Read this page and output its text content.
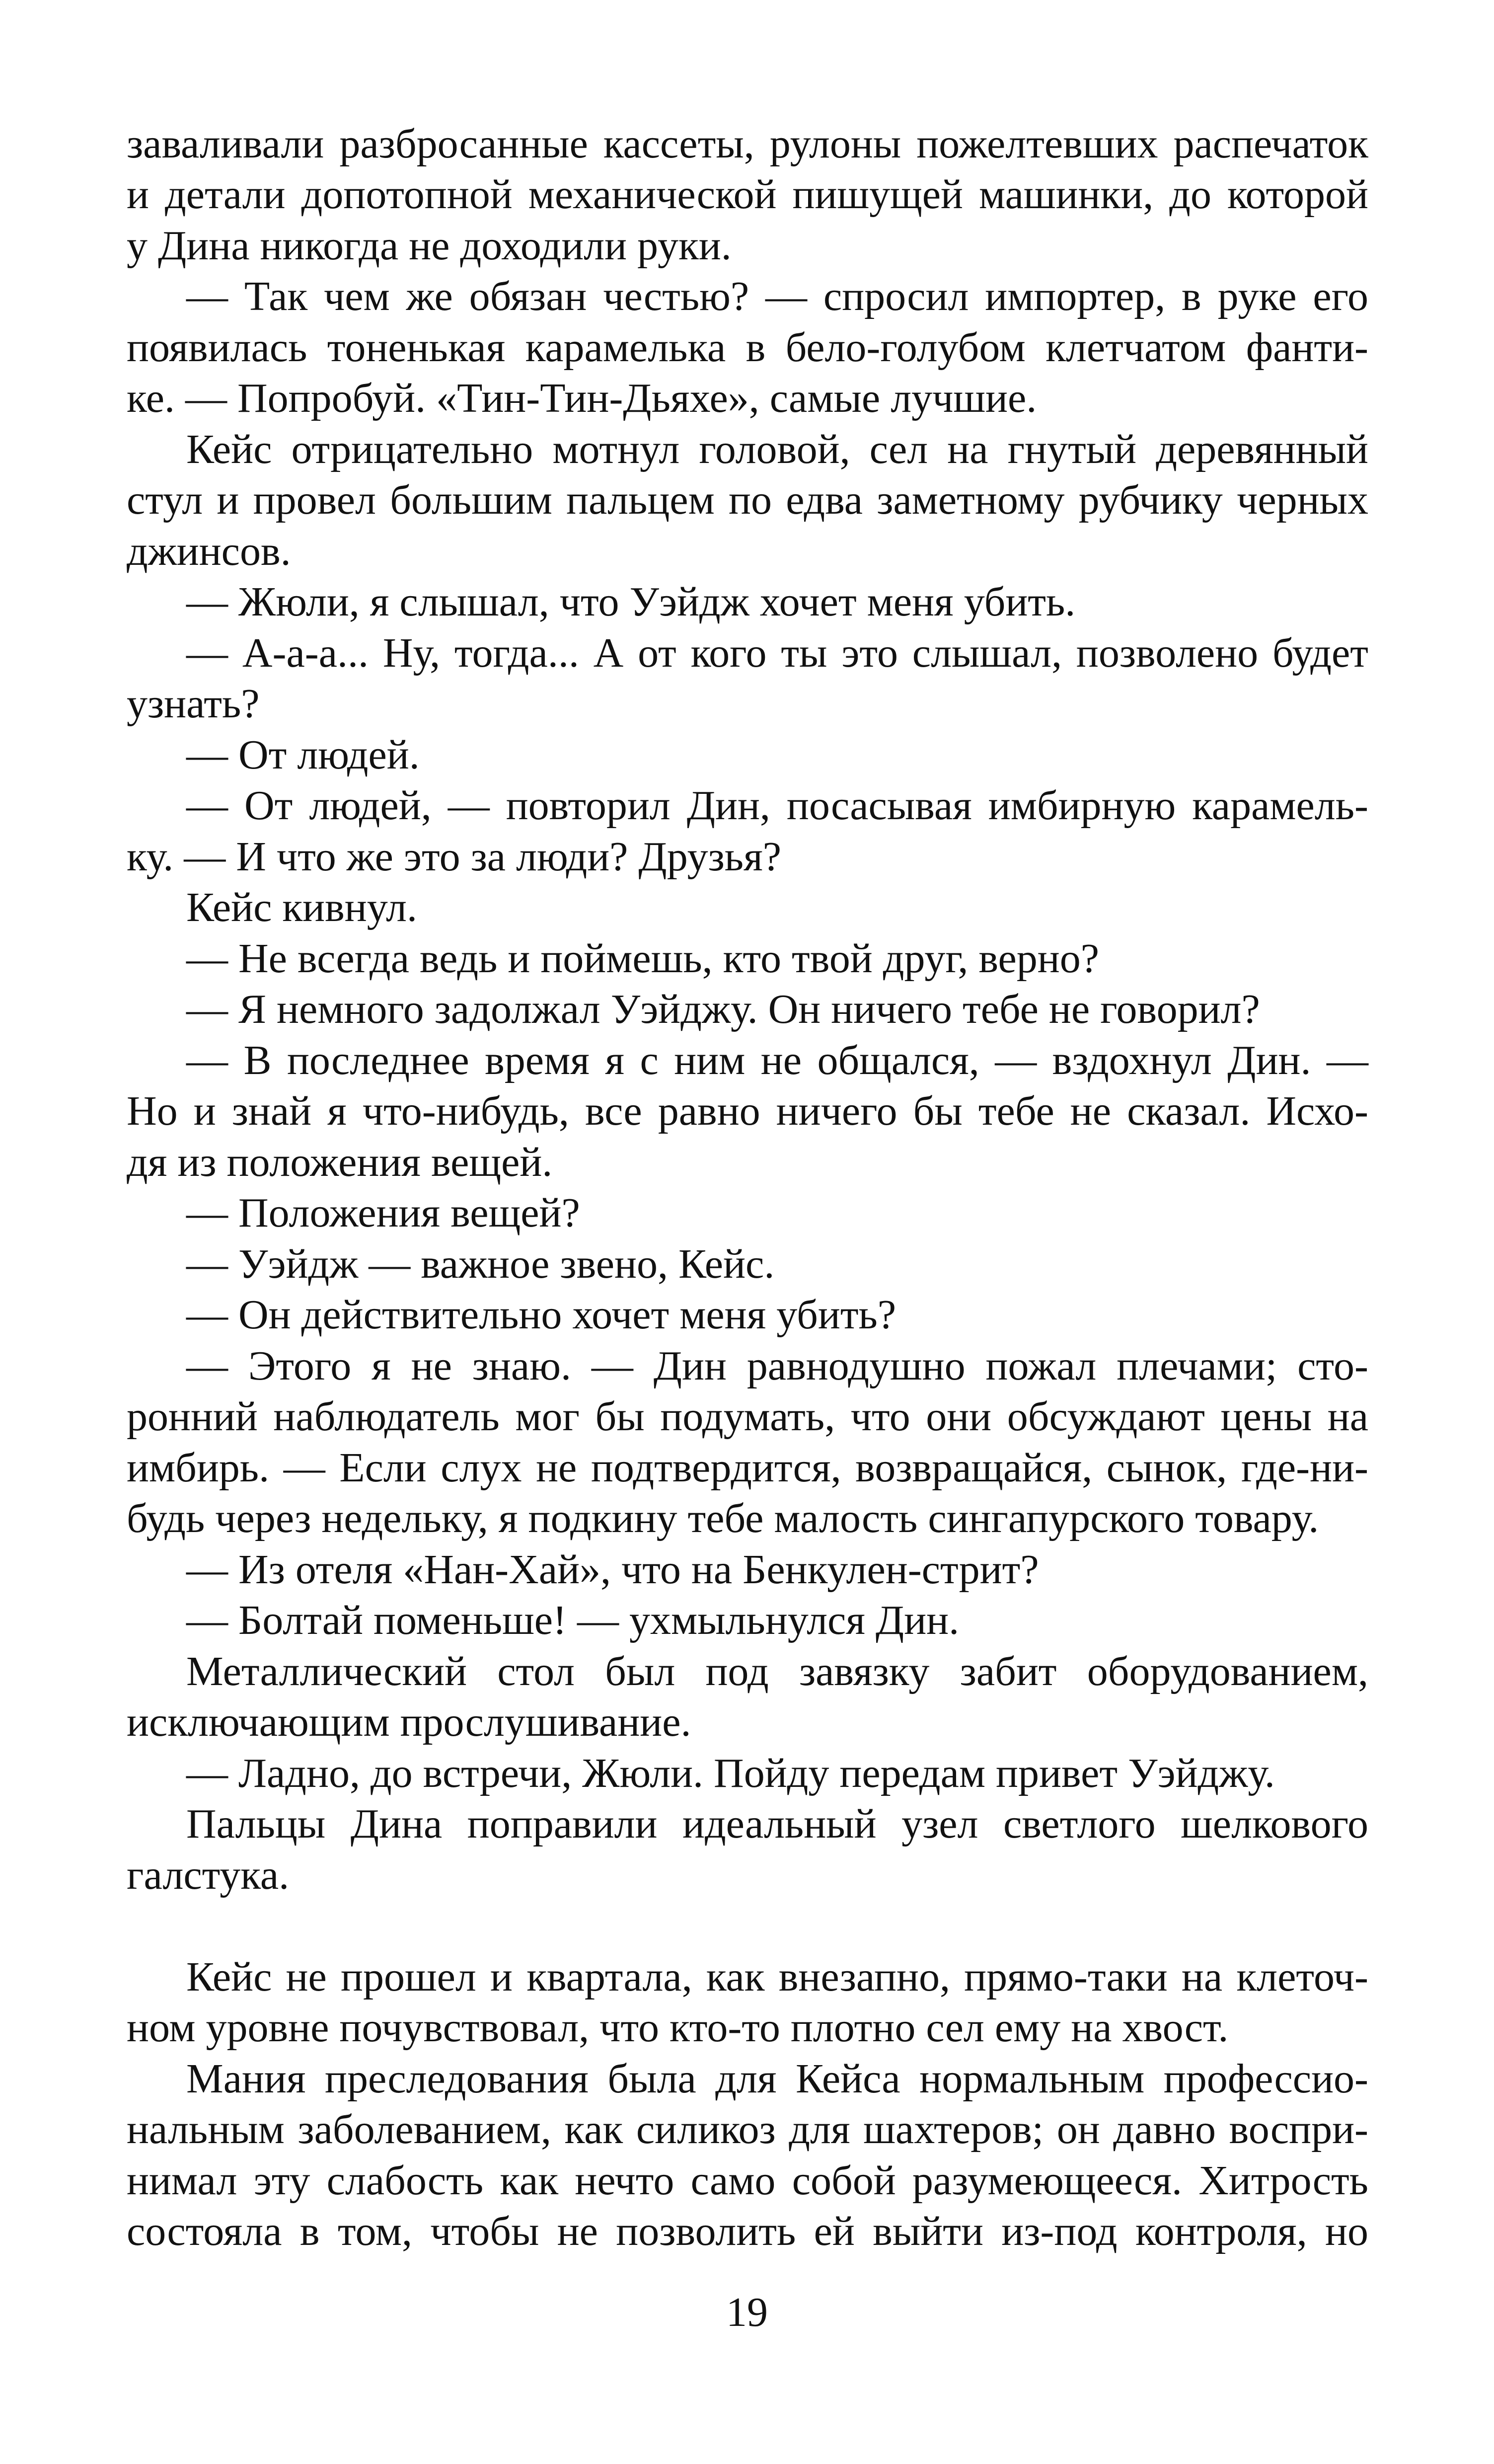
заваливали разбросанные кассеты, рулоны пожелтевших распечаток
и детали допотопной механической пишущей машинки, до которой
у Дина никогда не доходили руки.
— Так чем же обязан честью? — спросил импортер, в руке его
появилась тоненькая карамелька в бело-голубом клетчатом фанти-
ке. — Попробуй. «Тин-Тин-Дьяхе», самые лучшие.
Кейс отрицательно мотнул головой, сел на гнутый деревянный
стул и провел большим пальцем по едва заметному рубчику черных
джинсов.
— Жюли, я слышал, что Уэйдж хочет меня убить.
— А-а-а... Ну, тогда... А от кого ты это слышал, позволено будет
узнать?
— От людей.
— От людей, — повторил Дин, посасывая имбирную карамель-
ку. — И что же это за люди? Друзья?
Кейс кивнул.
— Не всегда ведь и поймешь, кто твой друг, верно?
— Я немного задолжал Уэйджу. Он ничего тебе не говорил?
— В последнее время я с ним не общался, — вздохнул Дин. —
Но и знай я что-нибудь, все равно ничего бы тебе не сказал. Исхо-
дя из положения вещей.
— Положения вещей?
— Уэйдж — важное звено, Кейс.
— Он действительно хочет меня убить?
— Этого я не знаю. — Дин равнодушно пожал плечами; сто-
ронний наблюдатель мог бы подумать, что они обсуждают цены на
имбирь. — Если слух не подтвердится, возвращайся, сынок, где-ни-
будь через недельку, я подкину тебе малость сингапурского товару.
— Из отеля «Нан-Хай», что на Бенкулен-стрит?
— Болтай поменьше! — ухмыльнулся Дин.
Металлический стол был под завязку забит оборудованием,
исключающим прослушивание.
— Ладно, до встречи, Жюли. Пойду передам привет Уэйджу.
Пальцы Дина поправили идеальный узел светлого шелкового
галстука.
Кейс не прошел и квартала, как внезапно, прямо-таки на клеточ-
ном уровне почувствовал, что кто-то плотно сел ему на хвост.
Мания преследования была для Кейса нормальным профессио-
нальным заболеванием, как силикоз для шахтеров; он давно воспри-
нимал эту слабость как нечто само собой разумеющееся. Хитрость
состояла в том, чтобы не позволить ей выйти из-под контроля, но
19
